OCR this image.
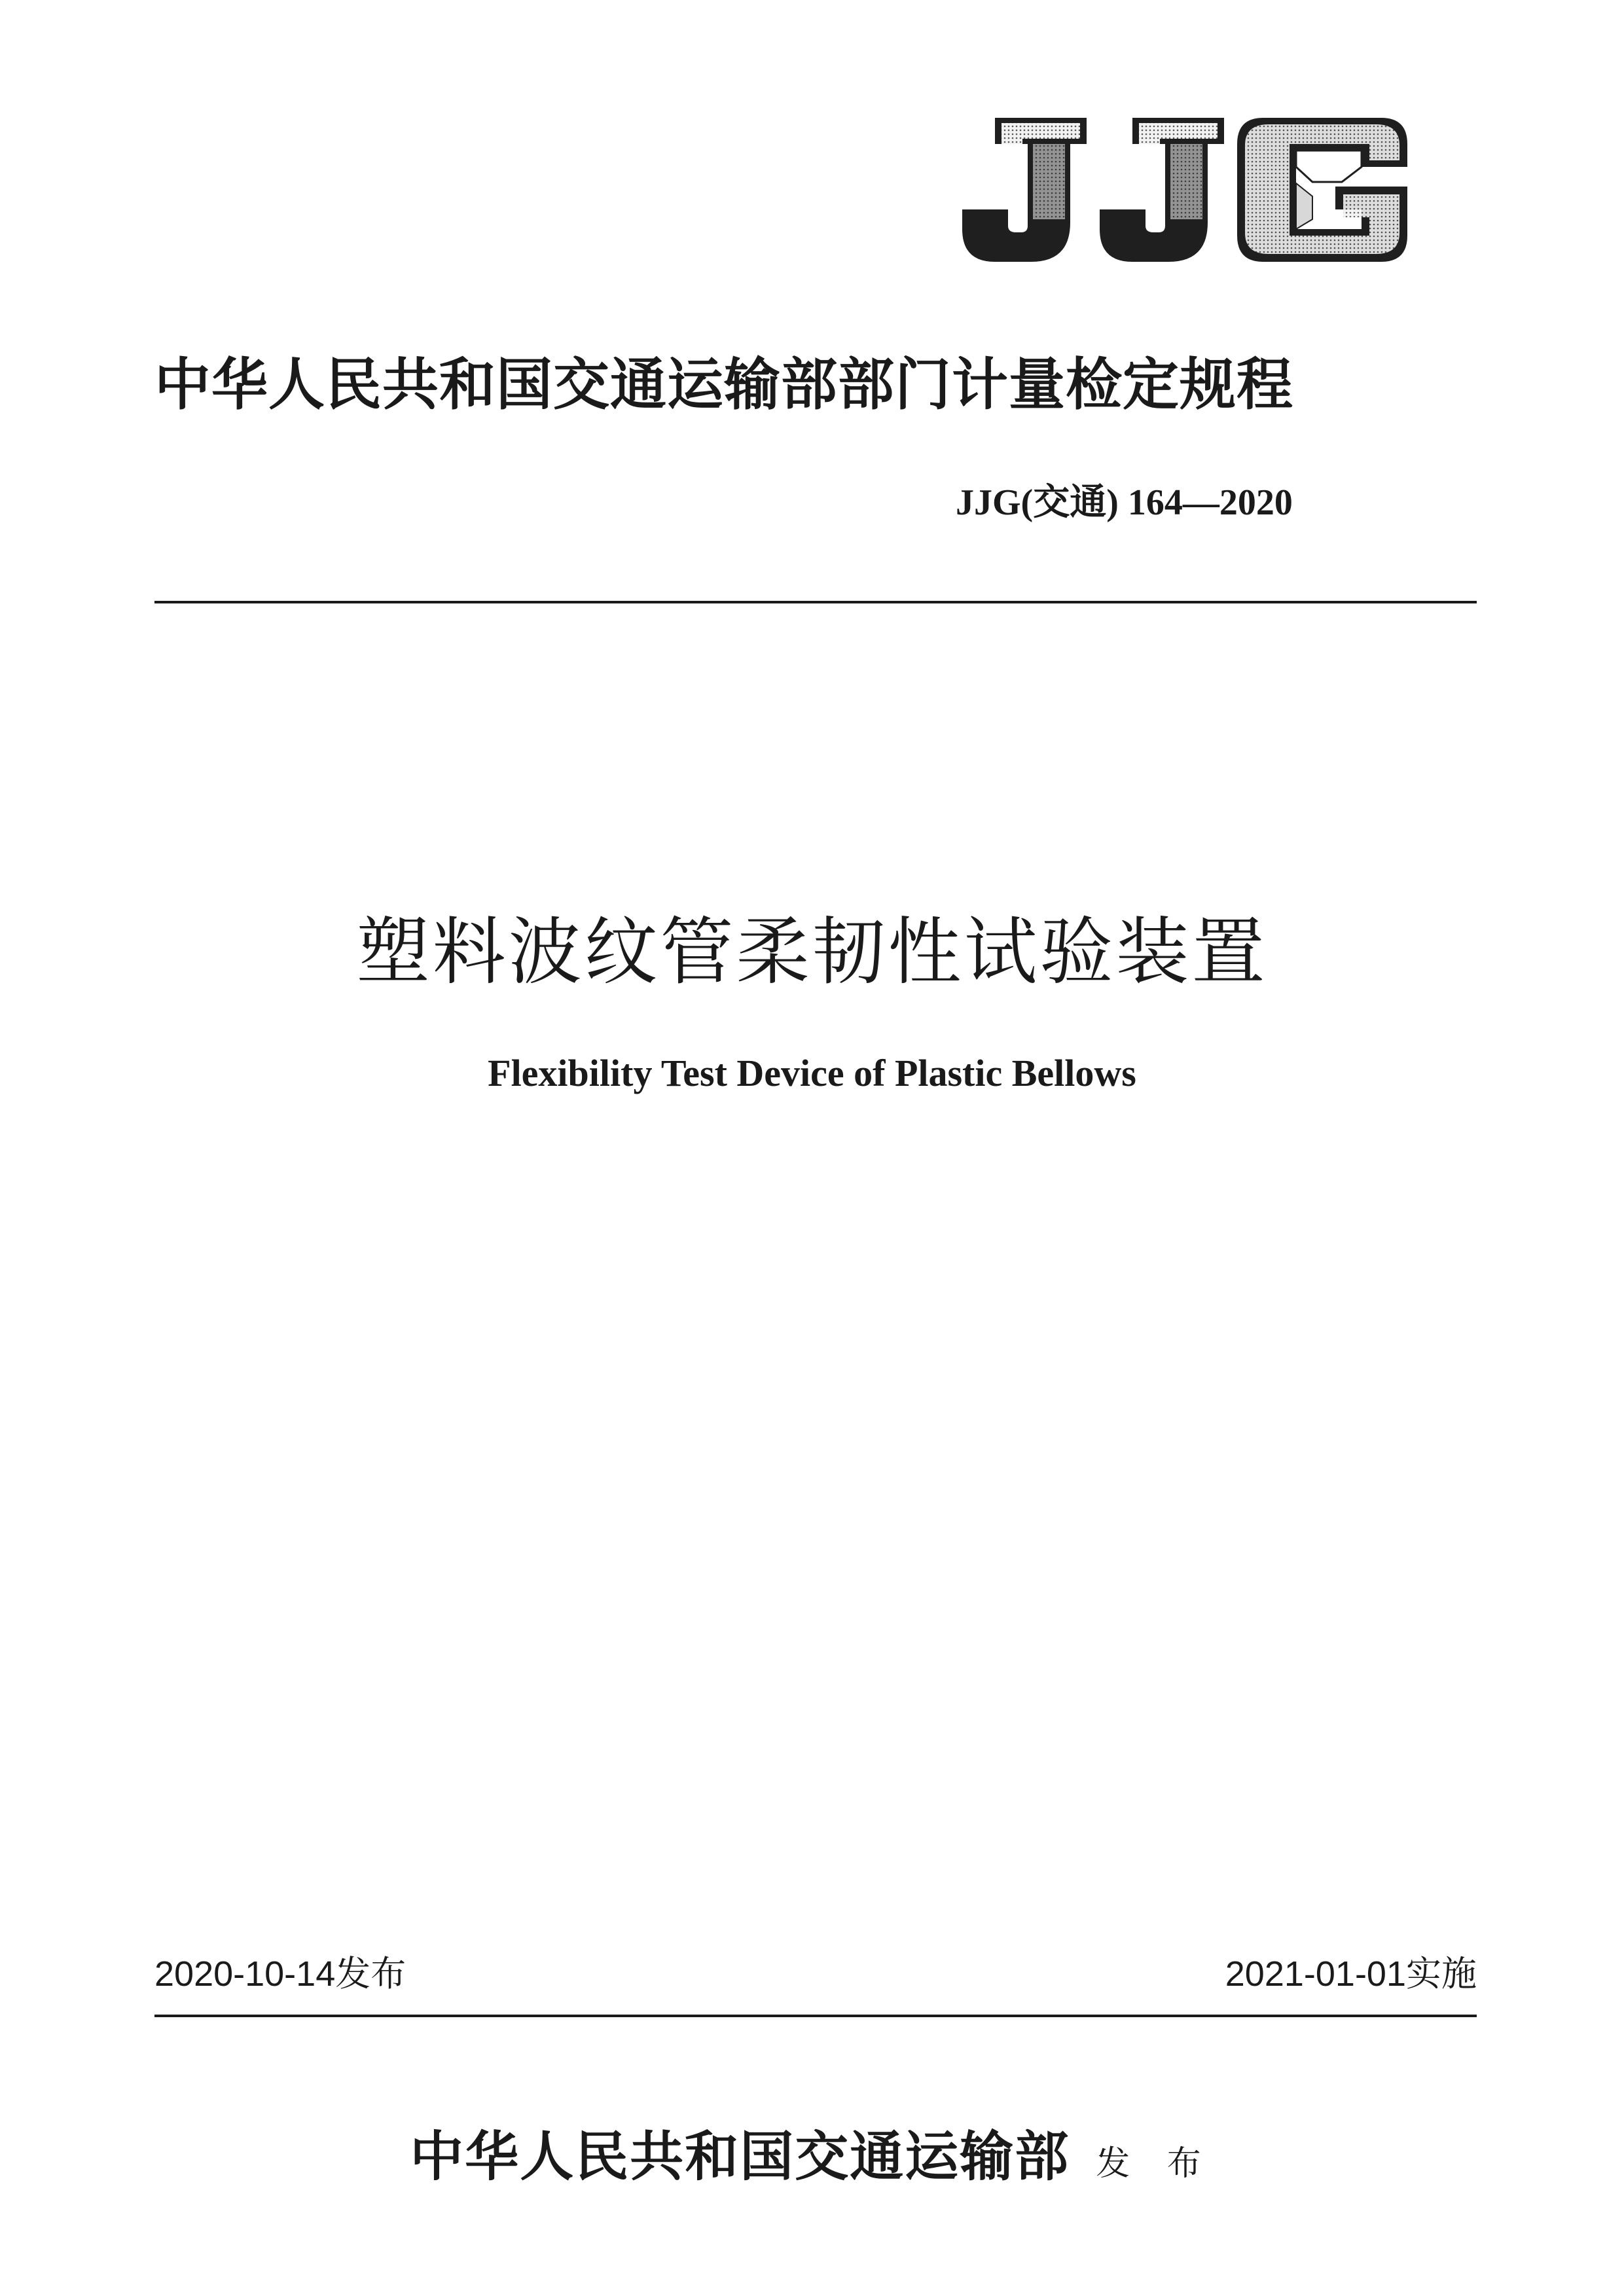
中华人民共和国交通运输部部门计量检定规程
JJG(交通) 164—2020
塑料波纹管柔韧性试验装置
Flexibility Test Device of Plastic Bellows
2020-10-14发布	2021-01-01实施
中华人民共和国交通运输部 发 布
